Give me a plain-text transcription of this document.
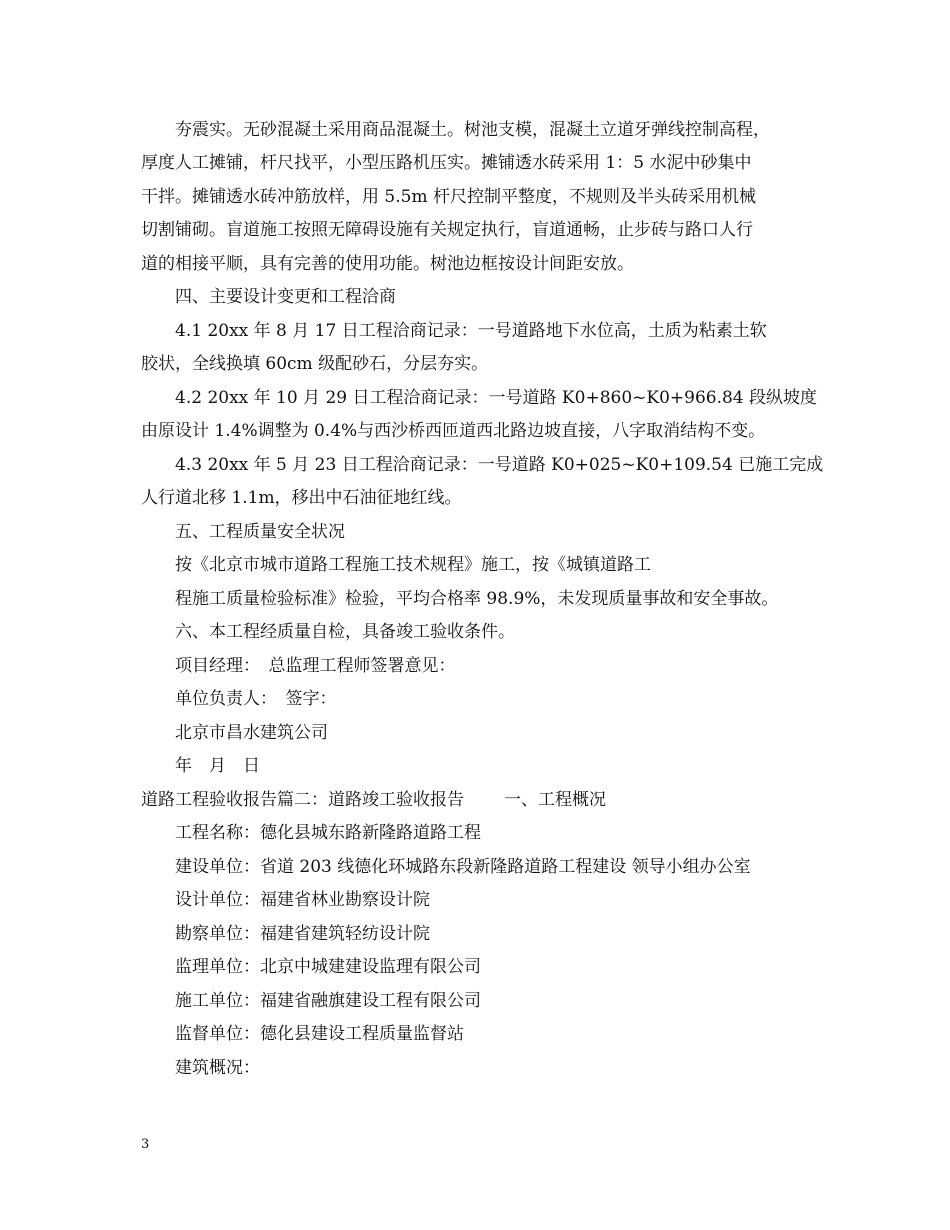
夯震实。无砂混凝土采用商品混凝土。树池支模，混凝土立道牙弹线控制高程，
厚度人工摊铺，杆尺找平，小型压路机压实。摊铺透水砖采用 1：5 水泥中砂集中
干拌。摊铺透水砖冲筋放样，用 5.5m 杆尺控制平整度，不规则及半头砖采用机械
切割铺砌。盲道施工按照无障碍设施有关规定执行，盲道通畅，止步砖与路口人行
道的相接平顺，具有完善的使用功能。树池边框按设计间距安放。
四、主要设计变更和工程洽商
4.1 20xx 年 8 月 17 日工程洽商记录：一号道路地下水位高，土质为粘素土软
胶状，全线换填 60cm 级配砂石，分层夯实。
4.2 20xx 年 10 月 29 日工程洽商记录：一号道路 K0+860~K0+966.84 段纵坡度
由原设计 1.4%调整为 0.4%与西沙桥西匝道西北路边坡直接，八字取消结构不变。
4.3 20xx 年 5 月 23 日工程洽商记录：一号道路 K0+025~K0+109.54 已施工完成
人行道北移 1.1m，移出中石油征地红线。
五、工程质量安全状况
按《北京市城市道路工程施工技术规程》施工，按《城镇道路工
程施工质量检验标准》检验，平均合格率 98.9%，未发现质量事故和安全事故。
六、本工程经质量自检，具备竣工验收条件。
项目经理：　总监理工程师签署意见：
单位负责人：　签字：
北京市昌水建筑公司
年　月　日
道路工程验收报告篇二：道路竣工验收报告 一、工程概况
工程名称：德化县城东路新隆路道路工程
建设单位：省道 203 线德化环城路东段新隆路道路工程建设 领导小组办公室
设计单位：福建省林业勘察设计院
勘察单位：福建省建筑轻纺设计院
监理单位：北京中城建建设监理有限公司
施工单位：福建省融旗建设工程有限公司
监督单位：德化县建设工程质量监督站
建筑概况：
3
